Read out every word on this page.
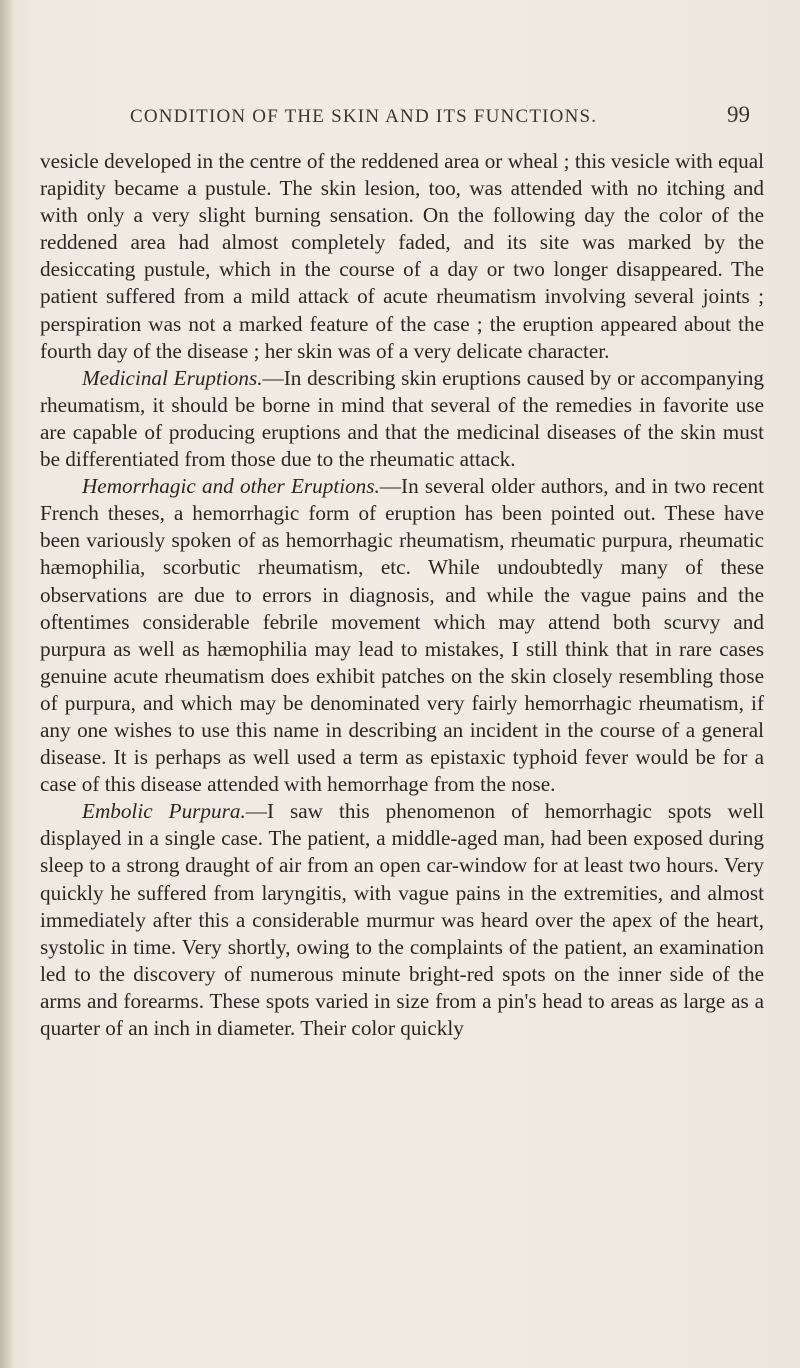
CONDITION OF THE SKIN AND ITS FUNCTIONS.	99

vesicle developed in the centre of the reddened area or wheal ; this vesicle with equal rapidity became a pustule. The skin lesion, too, was attended with no itching and with only a very slight burning sensation. On the following day the color of the reddened area had almost completely faded, and its site was marked by the desiccating pustule, which in the course of a day or two longer disappeared. The patient suffered from a mild attack of acute rheumatism involving several joints ; perspiration was not a marked feature of the case ; the eruption appeared about the fourth day of the disease ; her skin was of a very delicate character.

Medicinal Eruptions.—In describing skin eruptions caused by or accompanying rheumatism, it should be borne in mind that several of the remedies in favorite use are capable of producing eruptions and that the medicinal diseases of the skin must be differentiated from those due to the rheumatic attack.

Hemorrhagic and other Eruptions.—In several older authors, and in two recent French theses, a hemorrhagic form of eruption has been pointed out. These have been variously spoken of as hemorrhagic rheumatism, rheumatic purpura, rheumatic hæmophilia, scorbutic rheumatism, etc. While undoubtedly many of these observations are due to errors in diagnosis, and while the vague pains and the oftentimes considerable febrile movement which may attend both scurvy and purpura as well as hæmophilia may lead to mistakes, I still think that in rare cases genuine acute rheumatism does exhibit patches on the skin closely resembling those of purpura, and which may be denominated very fairly hemorrhagic rheumatism, if any one wishes to use this name in describing an incident in the course of a general disease. It is perhaps as well used a term as epistaxic typhoid fever would be for a case of this disease attended with hemorrhage from the nose.

Embolic Purpura.—I saw this phenomenon of hemorrhagic spots well displayed in a single case. The patient, a middle-aged man, had been exposed during sleep to a strong draught of air from an open car-window for at least two hours. Very quickly he suffered from laryngitis, with vague pains in the extremities, and almost immediately after this a considerable murmur was heard over the apex of the heart, systolic in time. Very shortly, owing to the complaints of the patient, an examination led to the discovery of numerous minute bright-red spots on the inner side of the arms and forearms. These spots varied in size from a pin's head to areas as large as a quarter of an inch in diameter. Their color quickly
